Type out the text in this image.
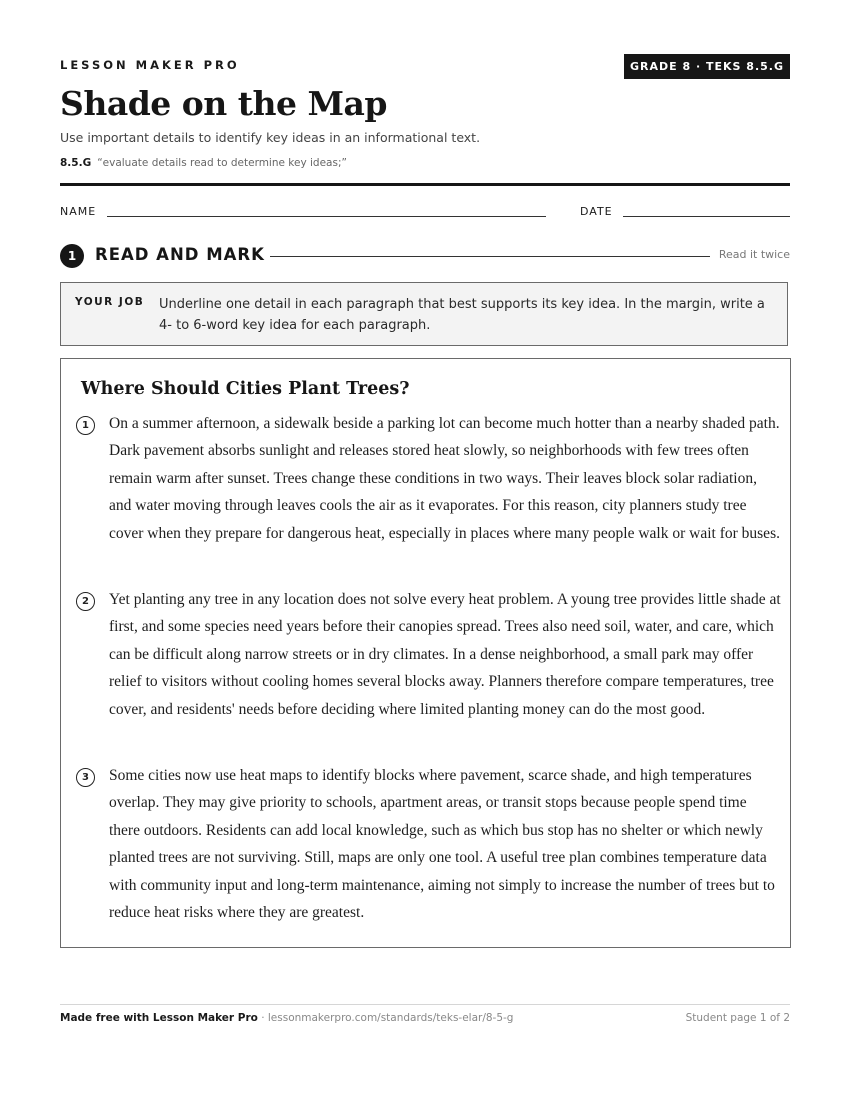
LESSON MAKER PRO	GRADE 8 · TEKS 8.5.G
Shade on the Map
Use important details to identify key ideas in an informational text.
8.5.G “evaluate details read to determine key ideas;”
NAME	DATE
1	READ AND MARK	Read it twice
YOUR JOB Underline one detail in each paragraph that best supports its key idea. In the margin, write a 4- to 6-word key idea for each paragraph.
Where Should Cities Plant Trees?
1	On a summer afternoon, a sidewalk beside a parking lot can become much hotter than a nearby shaded path. Dark pavement absorbs sunlight and releases stored heat slowly, so neighborhoods with few trees often remain warm after sunset. Trees change these conditions in two ways. Their leaves block solar radiation, and water moving through leaves cools the air as it evaporates. For this reason, city planners study tree cover when they prepare for dangerous heat, especially in places where many people walk or wait for buses.

2	Yet planting any tree in any location does not solve every heat problem. A young tree provides little shade at first, and some species need years before their canopies spread. Trees also need soil, water, and care, which can be difficult along narrow streets or in dry climates. In a dense neighborhood, a small park may offer relief to visitors without cooling homes several blocks away. Planners therefore compare temperatures, tree cover, and residents' needs before deciding where limited planting money can do the most good.

3	Some cities now use heat maps to identify blocks where pavement, scarce shade, and high temperatures overlap. They may give priority to schools, apartment areas, or transit stops because people spend time there outdoors. Residents can add local knowledge, such as which bus stop has no shelter or which newly planted trees are not surviving. Still, maps are only one tool. A useful tree plan combines temperature data with community input and long-term maintenance, aiming not simply to increase the number of trees but to reduce heat risks where they are greatest.

Made free with Lesson Maker Pro · lessonmakerpro.com/standards/teks-elar/8-5-g	Student page 1 of 2
